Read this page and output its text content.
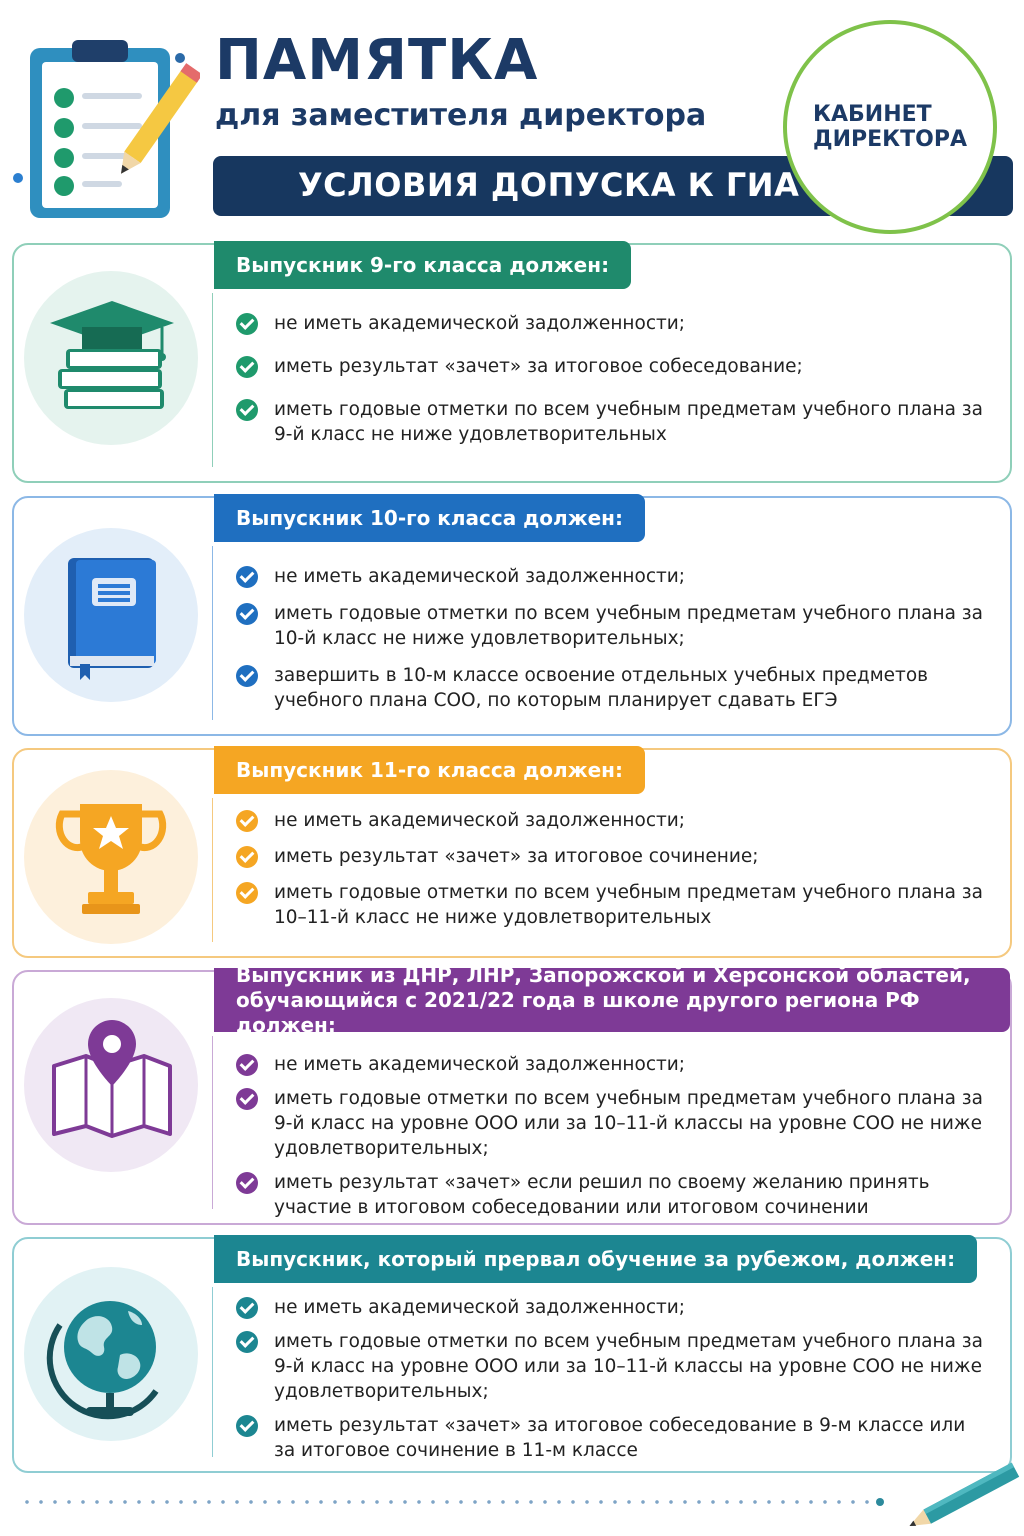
ПАМЯТКА

для заместителя директора

УСЛОВИЯ ДОПУСКА К ГИА
КАБИНЕТ
ДИРЕКТОРА
Выпускник 9-го класса должен:
не иметь академической задолженности;
иметь результат «зачет» за итоговое собеседование;
иметь годовые отметки по всем учебным предметам учебного плана за 9-й класс не ниже удовлетворительных
Выпускник 10-го класса должен:
не иметь академической задолженности;
иметь годовые отметки по всем учебным предметам учебного плана за 10-й класс не ниже удовлетворительных;
завершить в 10-м классе освоение отдельных учебных предметов учебного плана СОО, по которым планирует сдавать ЕГЭ
Выпускник 11-го класса должен:
не иметь академической задолженности;
иметь результат «зачет» за итоговое сочинение;
иметь годовые отметки по всем учебным предметам учебного плана за 10–11-й класс не ниже удовлетворительных
Выпускник из ДНР, ЛНР, Запорожской и Херсонской областей,
обучающийся с 2021/22 года в школе другого региона РФ должен:
не иметь академической задолженности;
иметь годовые отметки по всем учебным предметам учебного плана за 9-й класс на уровне ООО или за 10–11-й классы на уровне СОО не ниже удовлетворительных;
иметь результат «зачет» если решил по своему желанию принять участие в итоговом собеседовании или итоговом сочинении
Выпускник, который прервал обучение за рубежом, должен:
не иметь академической задолженности;
иметь годовые отметки по всем учебным предметам учебного плана за 9-й класс на уровне ООО или за 10–11-й классы на уровне СОО не ниже удовлетворительных;
иметь результат «зачет» за итоговое собеседование в 9-м классе или за итоговое сочинение в 11-м классе
